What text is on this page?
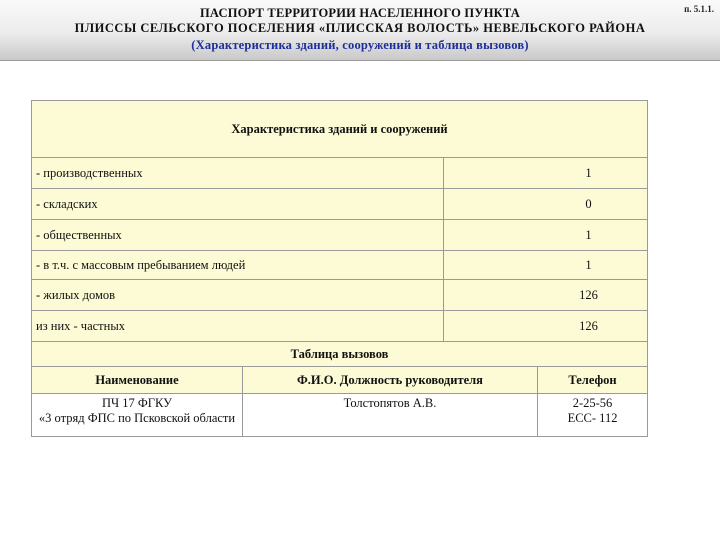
п. 5.1.1.
ПАСПОРТ ТЕРРИТОРИИ НАСЕЛЕННОГО ПУНКТА
ПЛИССЫ СЕЛЬСКОГО ПОСЕЛЕНИЯ «ПЛИССКАЯ ВОЛОСТЬ» НЕВЕЛЬСКОГО РАЙОНА
(Характеристика зданий, сооружений и таблица вызовов)
Характеристика зданий и сооружений			
- производственных		1	
- складских		0	
- общественных		1	
- в т.ч. с массовым пребыванием людей		1	
- жилых домов		126	
из них - частных		126	
Таблица вызовов			
Наименование	Ф.И.О. Должность руководителя		Телефон

ПЧ 17 ФГКУ
«3 отряд ФПС по Псковской области	Толстопятов А.В.		2-25-56
ЕСС- 112
